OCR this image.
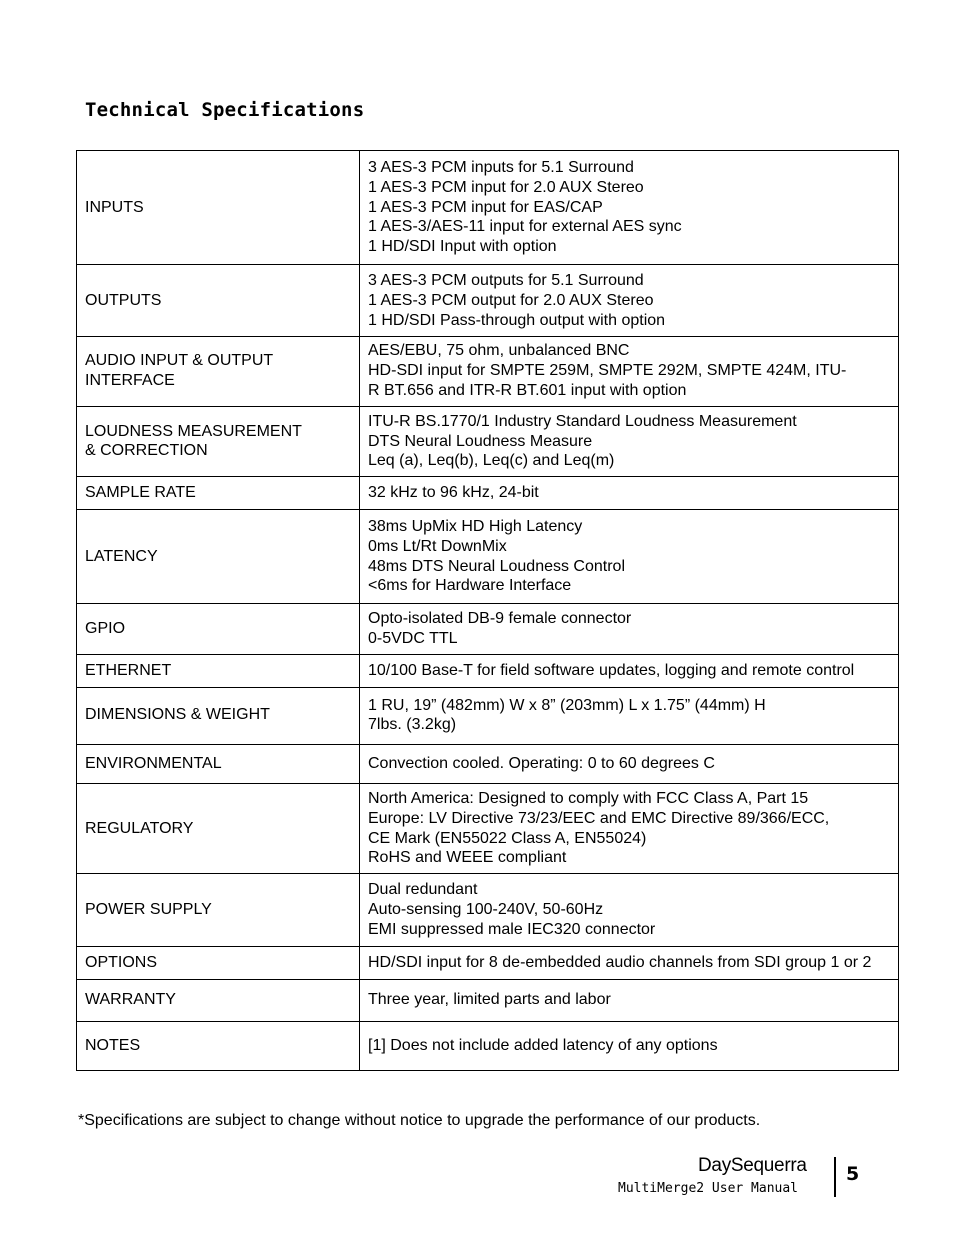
Technical Specifications
INPUTS	3 AES-3 PCM inputs for 5.1 Surround
1 AES-3 PCM input for 2.0 AUX Stereo
1 AES-3 PCM input for EAS/CAP
1 AES-3/AES-11 input for external AES sync
1 HD/SDI Input with option

OUTPUTS	3 AES-3 PCM outputs for 5.1 Surround
1 AES-3 PCM output for 2.0 AUX Stereo
1 HD/SDI Pass-through output with option

AUDIO INPUT & OUTPUT
INTERFACE	AES/EBU, 75 ohm, unbalanced BNC
HD-SDI input for SMPTE 259M, SMPTE 292M, SMPTE 424M, ITU-
R BT.656 and ITR-R BT.601 input with option

LOUDNESS MEASUREMENT
& CORRECTION	ITU-R BS.1770/1 Industry Standard Loudness Measurement
DTS Neural Loudness Measure
Leq (a), Leq(b), Leq(c) and Leq(m)

SAMPLE RATE	32 kHz to 96 kHz, 24-bit

LATENCY	38ms UpMix HD High Latency
0ms Lt/Rt DownMix
48ms DTS Neural Loudness Control
<6ms for Hardware Interface

GPIO	Opto-isolated DB-9 female connector
0-5VDC TTL

ETHERNET	10/100 Base-T for field software updates, logging and remote control

DIMENSIONS & WEIGHT	1 RU, 19” (482mm) W x 8” (203mm) L x 1.75” (44mm) H
7lbs. (3.2kg)

ENVIRONMENTAL	Convection cooled. Operating: 0 to 60 degrees C

REGULATORY	North America: Designed to comply with FCC Class A, Part 15
Europe: LV Directive 73/23/EEC and EMC Directive 89/366/ECC,
CE Mark (EN55022 Class A, EN55024)
RoHS and WEEE compliant

POWER SUPPLY	Dual redundant
Auto-sensing 100-240V, 50-60Hz
EMI suppressed male IEC320 connector

OPTIONS	HD/SDI input for 8 de-embedded audio channels from SDI group 1 or 2

WARRANTY	Three year, limited parts and labor

NOTES	[1] Does not include added latency of any options

*Specifications are subject to change without notice to upgrade the performance of our products.

DaySequerra
MultiMerge2 User Manual
5
